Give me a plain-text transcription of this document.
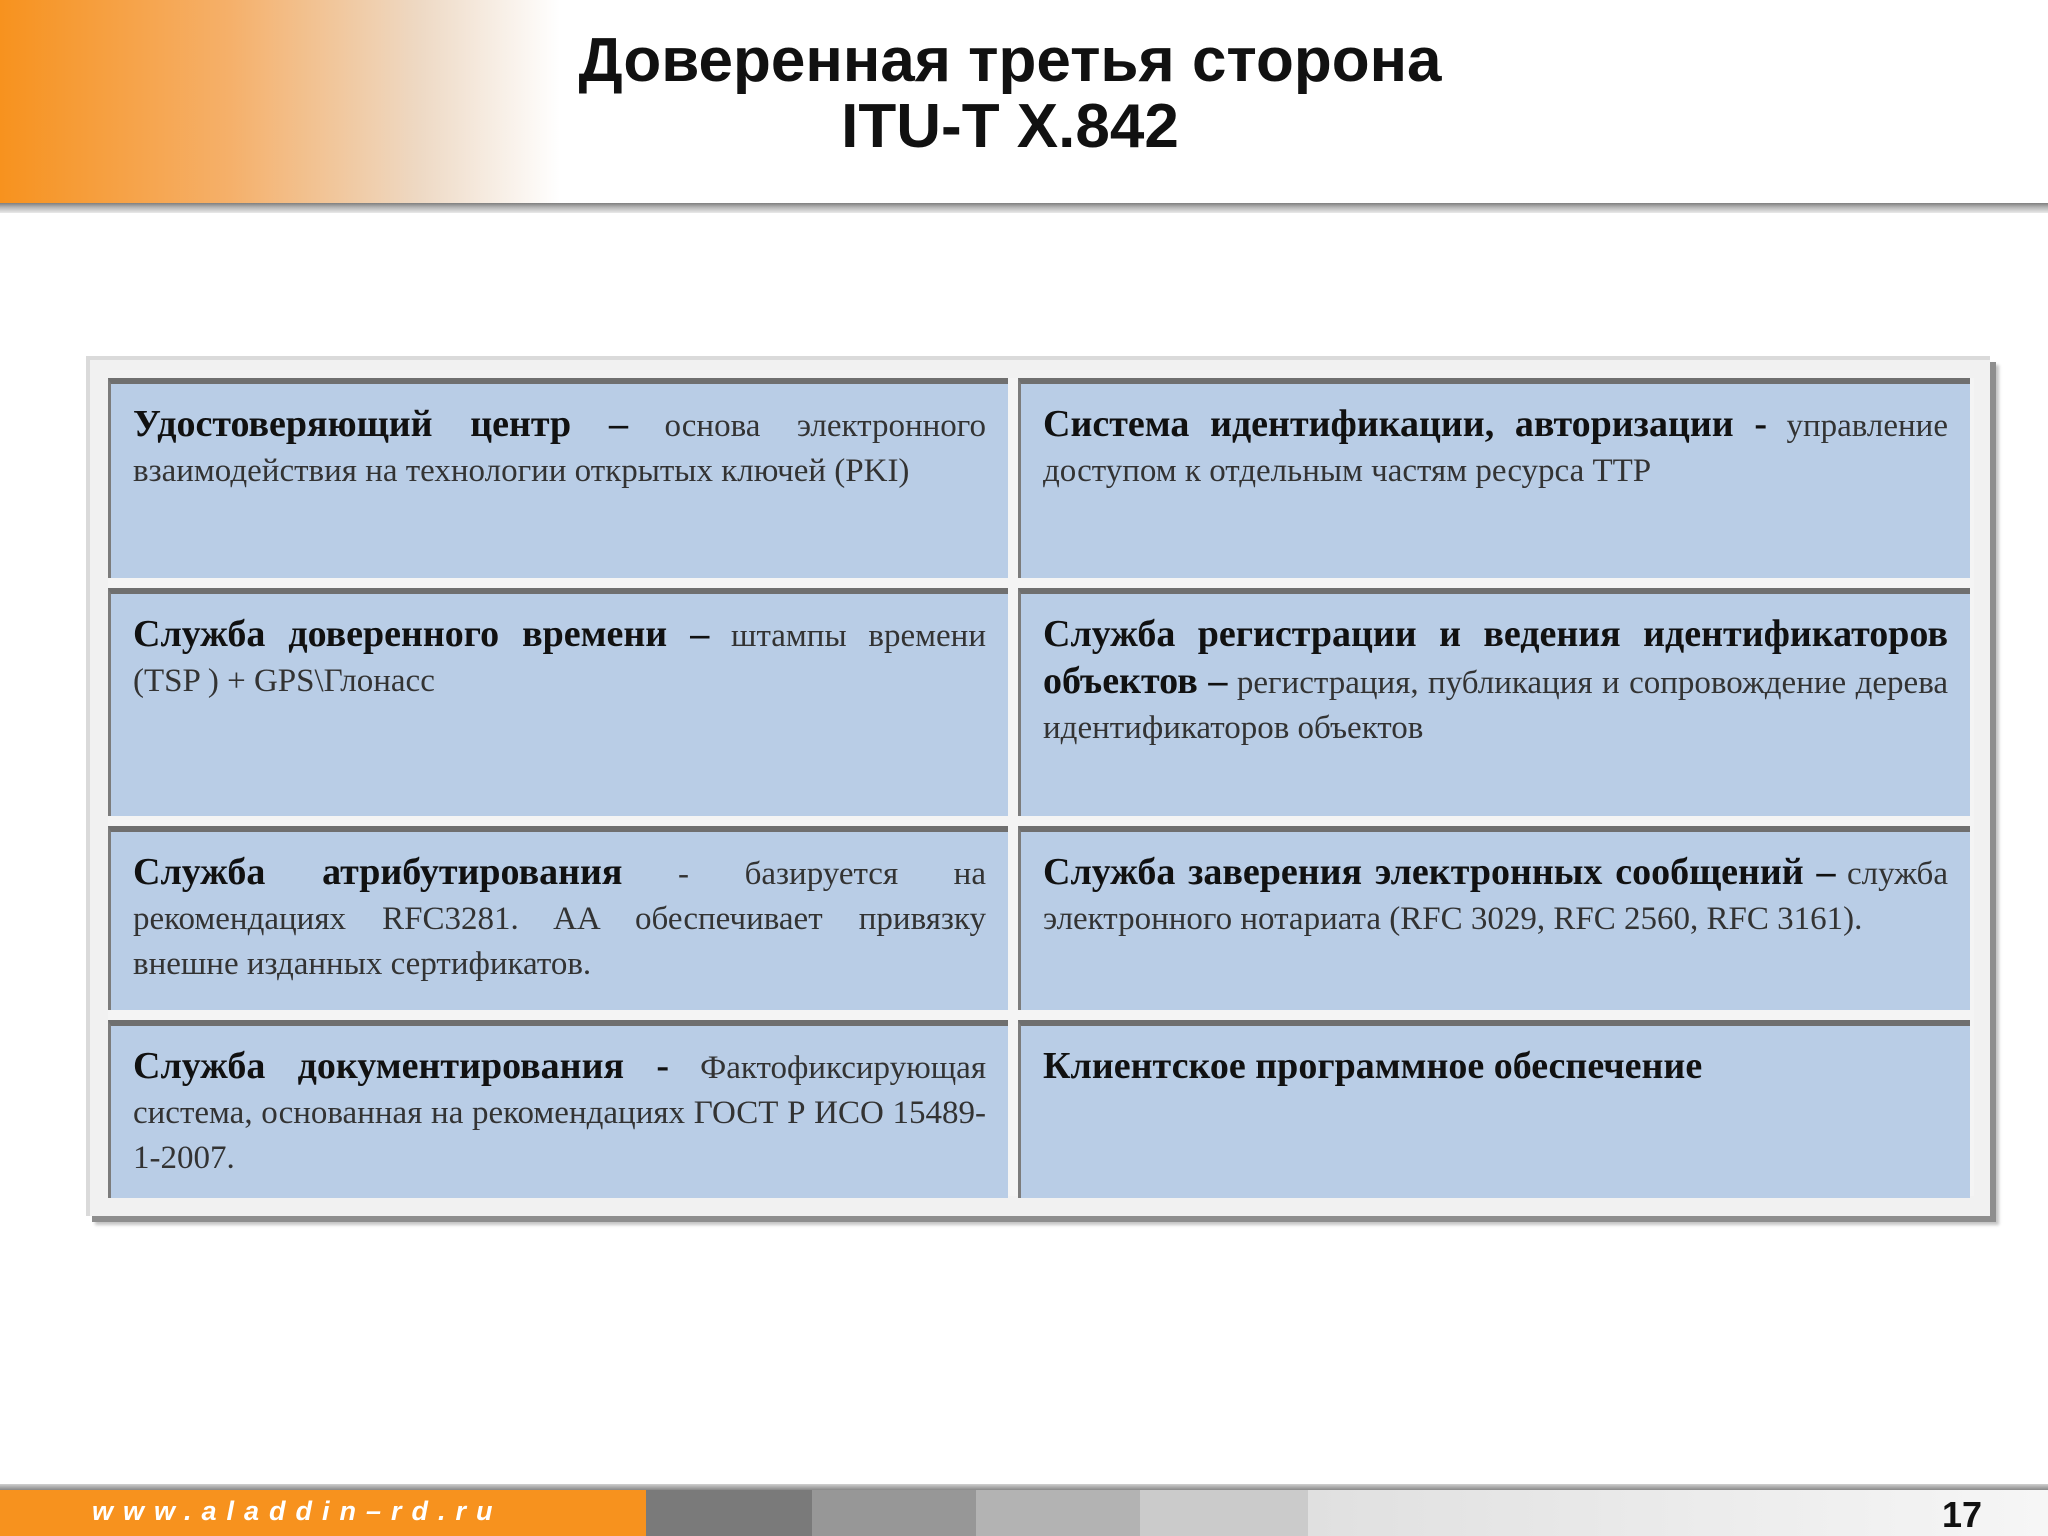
Доверенная третья сторона
ITU-T X.842
Удостоверяющий центр – основа электронного взаимодействия на технологии открытых ключей (PKI)
Система идентификации, авторизации - управление доступом к отдельным частям ресурса TTP
Служба доверенного времени – штампы времени (TSP ) + GPS\Глонасс
Служба регистрации и ведения идентификаторов объектов – регистрация, публикация и сопровождение дерева идентификаторов объектов
Служба атрибутирования - базируется на рекомендациях RFC3281. AA обеспечивает привязку внешне изданных сертификатов.
Служба заверения электронных сообщений – служба электронного нотариата (RFC 3029, RFC 2560, RFC 3161).
Служба документирования - Фактофиксирующая система, основанная на рекомендациях ГОСТ Р ИСО 15489-1-2007.
Клиентское программное обеспечение
www.aladdin–rd.ru	17
